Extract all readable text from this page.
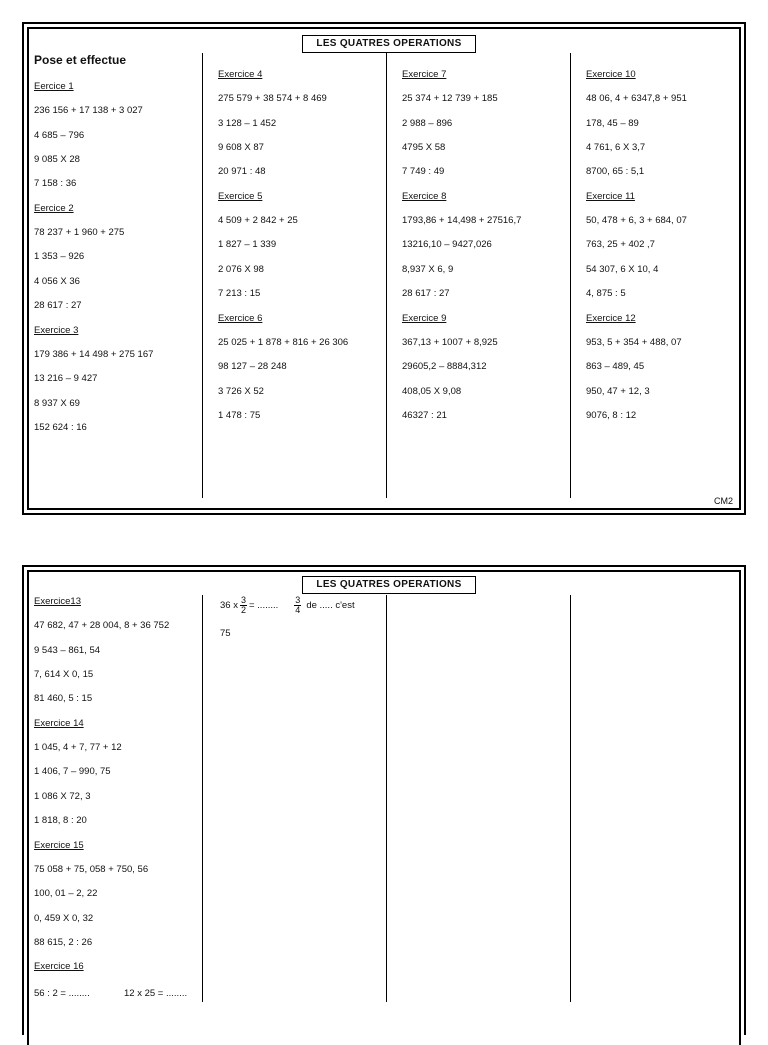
LES QUATRES OPERATIONS
Pose et effectue
Eercice 1
236 156 + 17 138 + 3 027
4 685 – 796
9 085 X 28
7 158 : 36
Eercice 2
78 237 + 1 960 + 275
1 353 – 926
4 056 X 36
28 617 : 27
Exercice 3
179 386 + 14 498 + 275 167
13 216 – 9 427
8 937 X 69
152 624 : 16
Exercice 4
275 579 + 38 574 + 8 469
3 128 – 1 452
9 608 X 87
20 971 : 48
Exercice 5
4 509 + 2 842 + 25
1 827 – 1 339
2 076 X 98
7 213 : 15
Exercice 6
25 025 + 1 878 + 816 + 26 306
98 127 – 28 248
3 726 X 52
1 478 : 75
Exercice 7
25 374 + 12 739 + 185
2 988 – 896
4795 X 58
7 749 : 49
Exercice 8
1793,86 + 14,498 + 27516,7
13216,10 – 9427,026
8,937 X 6, 9
28 617 : 27
Exercice 9
367,13 + 1007 + 8,925
29605,2 – 8884,312
408,05 X 9,08
46327 : 21
Exercice 10
48 06, 4 + 6347,8 + 951
178, 45 – 89
4 761, 6 X 3,7
8700, 65 : 5,1
Exercice 11
50, 478 + 6, 3 + 684, 07
763, 25 + 402 ,7
54 307, 6 X 10, 4
4, 875 : 5
Exercice 12
953, 5 + 354 + 488, 07
863 – 489, 45
950, 47 + 12, 3
9076, 8 : 12
CM2
LES QUATRES OPERATIONS
Exercice13
47 682, 47 + 28 004, 8 + 36 752
9 543 – 861, 54
7, 614 X 0, 15
81 460, 5 : 15
Exercice 14
1 045, 4 + 7, 77 + 12
1 406, 7 – 990, 75
1 086 X 72, 3
1 818, 8 : 20
Exercice 15
75 058 + 75, 058 + 750, 56
100, 01 – 2, 22
0, 459 X 0, 32
88 615, 2 : 26
Exercice 16
56 : 2 = ........	12 x 25 = ........
36 x $\frac{3}{2}$ = ........ $\frac{3}{4}$ de ..... c'est
75
